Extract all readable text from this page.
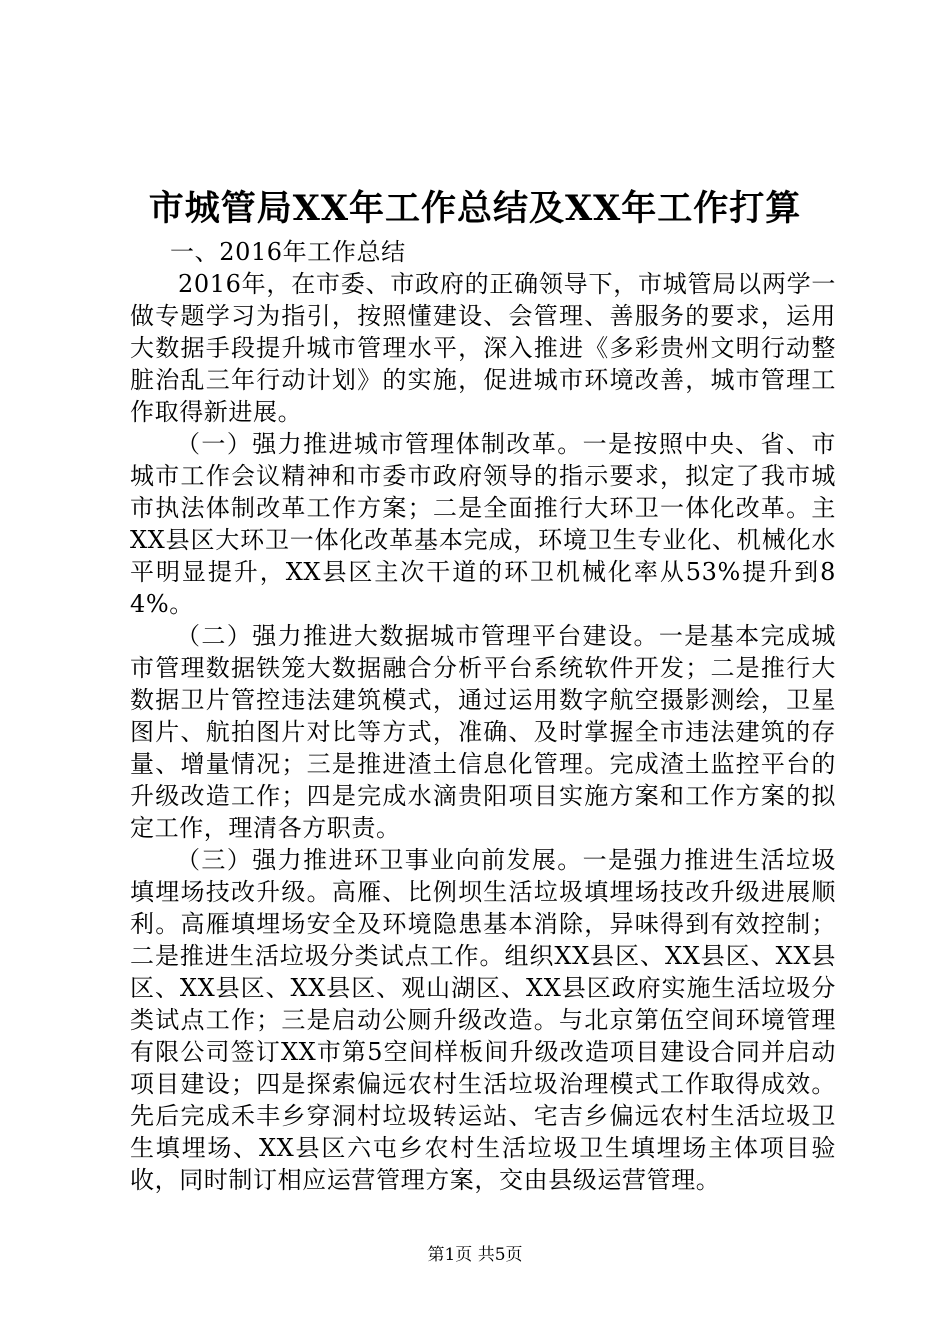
市城管局XX年工作总结及XX年工作打算

一、2016年工作总结

2016年，在市委、市政府的正确领导下，市城管局以两学一做专题学习为指引，按照懂建设、会管理、善服务的要求，运用大数据手段提升城市管理水平，深入推进《多彩贵州文明行动整脏治乱三年行动计划》的实施，促进城市环境改善，城市管理工作取得新进展。

（一）强力推进城市管理体制改革。一是按照中央、省、市城市工作会议精神和市委市政府领导的指示要求，拟定了我市城市执法体制改革工作方案；二是全面推行大环卫一体化改革。主XX县区大环卫一体化改革基本完成，环境卫生专业化、机械化水平明显提升，XX县区主次干道的环卫机械化率从53%提升到84%。

（二）强力推进大数据城市管理平台建设。一是基本完成城市管理数据铁笼大数据融合分析平台系统软件开发；二是推行大数据卫片管控违法建筑模式，通过运用数字航空摄影测绘，卫星图片、航拍图片对比等方式，准确、及时掌握全市违法建筑的存量、增量情况；三是推进渣土信息化管理。完成渣土监控平台的升级改造工作；四是完成水滴贵阳项目实施方案和工作方案的拟定工作，理清各方职责。

（三）强力推进环卫事业向前发展。一是强力推进生活垃圾填埋场技改升级。高雁、比例坝生活垃圾填埋场技改升级进展顺利。高雁填埋场安全及环境隐患基本消除，异味得到有效控制；二是推进生活垃圾分类试点工作。组织XX县区、XX县区、XX县区、XX县区、XX县区、观山湖区、XX县区政府实施生活垃圾分类试点工作；三是启动公厕升级改造。与北京第伍空间环境管理有限公司签订XX市第5空间样板间升级改造项目建设合同并启动项目建设；四是探索偏远农村生活垃圾治理模式工作取得成效。先后完成禾丰乡穿洞村垃圾转运站、宅吉乡偏远农村生活垃圾卫生填埋场、XX县区六屯乡农村生活垃圾卫生填埋场主体项目验收，同时制订相应运营管理方案，交由县级运营管理。

第1页 共5页
